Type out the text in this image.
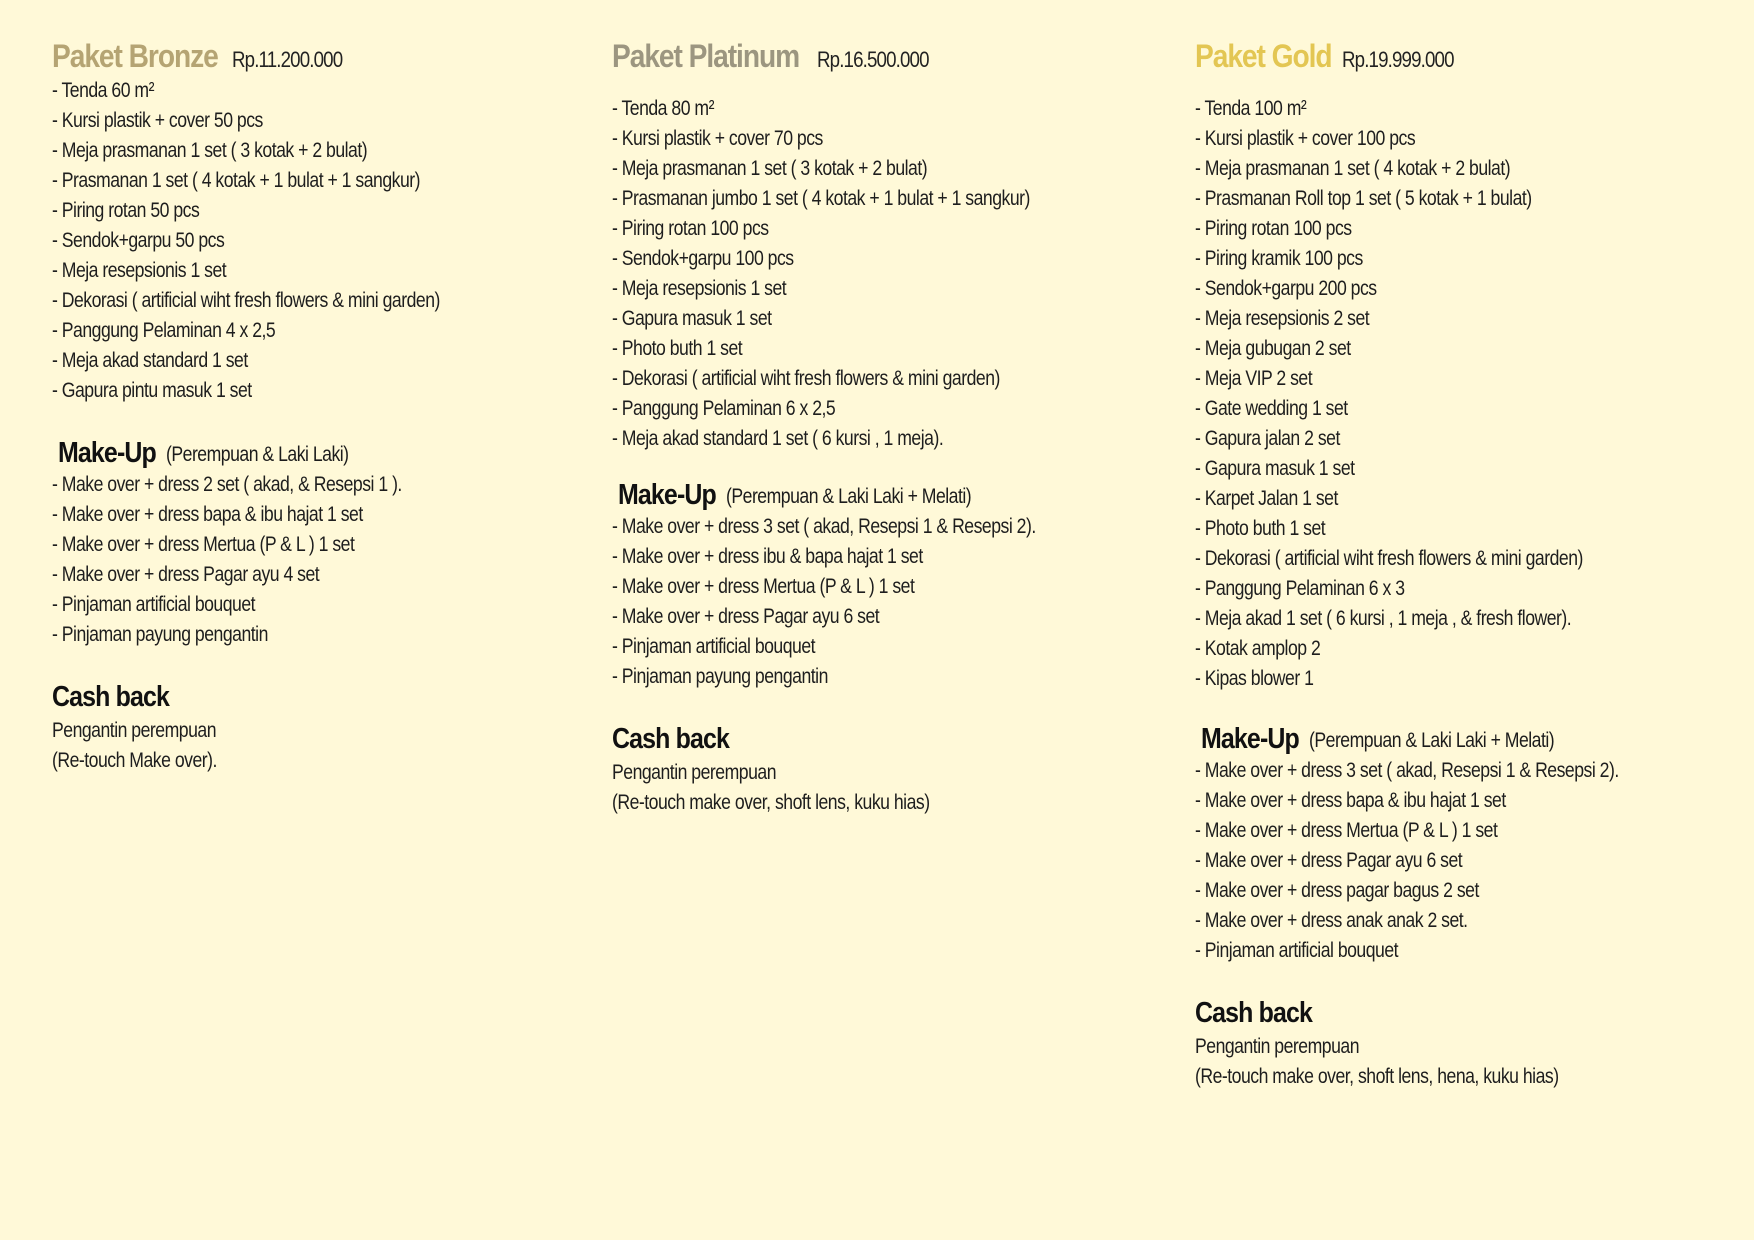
Paket Bronze Rp.11.200.000
- Tenda 60 m²
- Kursi plastik + cover 50 pcs
- Meja prasmanan 1 set ( 3 kotak + 2 bulat)
- Prasmanan 1 set ( 4 kotak + 1 bulat + 1 sangkur)
- Piring rotan 50 pcs
- Sendok+garpu 50 pcs
- Meja resepsionis 1 set
- Dekorasi ( artificial wiht fresh flowers & mini garden)
- Panggung Pelaminan 4 x 2,5
- Meja akad standard 1 set
- Gapura pintu masuk 1 set
Make-Up (Perempuan & Laki Laki)
- Make over + dress 2 set ( akad, & Resepsi 1 ).
- Make over + dress bapa & ibu hajat 1 set
- Make over + dress Mertua (P & L ) 1 set
- Make over + dress Pagar ayu 4 set
- Pinjaman artificial bouquet
- Pinjaman payung pengantin
Cash back
Pengantin perempuan
(Re-touch Make over).
Paket Platinum Rp.16.500.000
- Tenda 80 m²
- Kursi plastik + cover 70 pcs
- Meja prasmanan 1 set ( 3 kotak + 2 bulat)
- Prasmanan jumbo 1 set ( 4 kotak + 1 bulat + 1 sangkur)
- Piring rotan 100 pcs
- Sendok+garpu 100 pcs
- Meja resepsionis 1 set
- Gapura masuk 1 set
- Photo buth 1 set
- Dekorasi ( artificial wiht fresh flowers & mini garden)
- Panggung Pelaminan 6 x 2,5
- Meja akad standard 1 set ( 6 kursi , 1 meja).
Make-Up (Perempuan & Laki Laki + Melati)
- Make over + dress 3 set ( akad, Resepsi 1 & Resepsi 2).
- Make over + dress ibu & bapa hajat 1 set
- Make over + dress Mertua (P & L ) 1 set
- Make over + dress Pagar ayu 6 set
- Pinjaman artificial bouquet
- Pinjaman payung pengantin
Cash back
Pengantin perempuan
(Re-touch make over, shoft lens, kuku hias)
Paket Gold Rp.19.999.000
- Tenda 100 m²
- Kursi plastik + cover 100 pcs
- Meja prasmanan 1 set ( 4 kotak + 2 bulat)
- Prasmanan Roll top 1 set ( 5 kotak + 1 bulat)
- Piring rotan 100 pcs
- Piring kramik 100 pcs
- Sendok+garpu 200 pcs
- Meja resepsionis 2 set
- Meja gubugan 2 set
- Meja VIP 2 set
- Gate wedding 1 set
- Gapura jalan 2 set
- Gapura masuk 1 set
- Karpet Jalan 1 set
- Photo buth 1 set
- Dekorasi ( artificial wiht fresh flowers & mini garden)
- Panggung Pelaminan 6 x 3
- Meja akad 1 set ( 6 kursi , 1 meja , & fresh flower).
- Kotak amplop 2
- Kipas blower 1
Make-Up (Perempuan & Laki Laki + Melati)
- Make over + dress 3 set ( akad, Resepsi 1 & Resepsi 2).
- Make over + dress bapa & ibu hajat 1 set
- Make over + dress Mertua (P & L ) 1 set
- Make over + dress Pagar ayu 6 set
- Make over + dress pagar bagus 2 set
- Make over + dress anak anak 2 set.
- Pinjaman artificial bouquet
Cash back
Pengantin perempuan
(Re-touch make over, shoft lens, hena, kuku hias)
